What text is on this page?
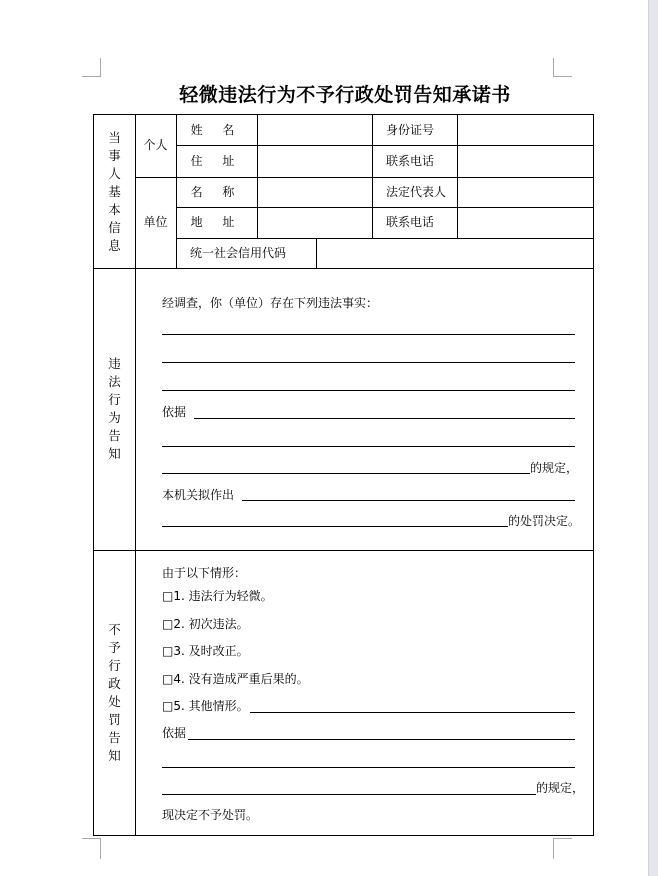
轻微违法行为不予行政处罚告知承诺书
当
事
人
基
本
信
息
违
法
行
为
告
知
不
予
行
政
处
罚
告
知
个人
单位
姓 名
住 址
名 称
地 址
身份证号
联系电话
法定代表人
联系电话
统一社会信用代码
经调查，你（单位）存在下列违法事实：
依据
的规定，
本机关拟作出
的处罚决定。
由于以下情形：
□1. 违法行为轻微。
□2. 初次违法。
□3. 及时改正。
□4. 没有造成严重后果的。
□5. 其他情形。
依据
的规定，
现决定不予处罚。
